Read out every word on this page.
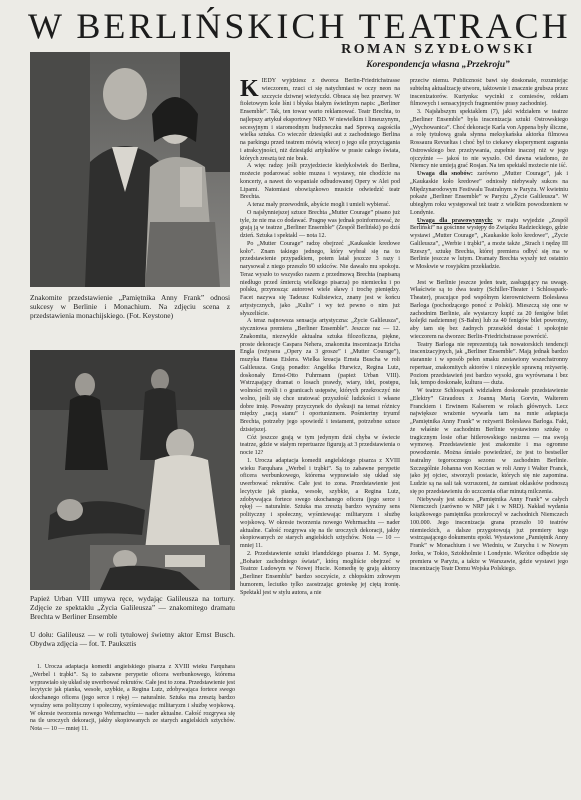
W BERLIŃSKICH TEATRACH
ROMAN SZYDŁOWSKI
Korespondencja własna „Przekroju”
Znakomite przedstawienie „Pamiętnika Anny Frank” odnosi sukcesy w Berlinie i Monachium. Na zdjęciu scena z przedstawienia monachijskiego. (Fot. Keystone)
Papież Urban VIII umywa ręce, wydając Galileusza na tortury. Zdjęcie ze spektaklu „Życia Galileusza” — znakomitego dramatu Brechta w Berliner Ensemble
U dołu: Galileusz — w roli tytułowej świetny aktor Ernst Busch. Obydwa zdjęcia — fot. T. Pauksztis

KIEDY wyjdziesz z dworca Berlin-Friedrichstrasse wieczorem, rzuci ci się natychmiast w oczy neon na szczycie dziwnej wieżyczki. Obraca się bez przerwy. W fioletowym kole lśni i błyska białym świetlnym napis: „Berliner Ensemble”. Tak, ten towar warto reklamować. Teatr Brechta, to najlepszy artykuł eksportowy NRD. W niewielkim i limeuzynym, secesyjnym i staromodnym budyneczku nad Sprewą zagościła wielka sztuka. Co wieczór dziesiątki aut z zachodniego Berlina na parkingu przed teatrem mówią wiecej o jego sile przyciągania i atrakcyjności, niż dziesiątki artykułów w prasie całego świata, których zresztą też nie brak.

A więc radzę: jeśli przyjedziecie kiedykolwiek do Berlina, możecie podarować sobie muzea i wystawy, nie chodźcie na koncerty, a nawet do wspaniale odbudowanej Opery w Alei pod Lipami. Natomiast obowiązkowo musicie odwiedzić teatr Brechta.

A teraz mały przewodnik, abyście mogli i umieli wybierać.

O najsłynniejszej sztuce Brechta „Mutter Courage” pisano już tyle, że nie ma co dodawać. Pragnę was jednak poinformować, że grają ją w teatrze „Berliner Ensemble” (Zespół Berliński) po dziś dzień. Sztuka i spektakl — nota 12.

Po „Mutter Courage” radzę obejrzeć „Kaukaskie kredowe koło”. Znam takiego jednego, który wybrał się na to przedstawienie przypadkiem, potem latał jeszcze 3 razy i narysował z niego przeszło 90 szkiców. Nie dawało mu spokoju. Teraz wyszło to wszystko razem z przedmową Brechta (napisaną niedługo przed śmiercią wielkiego pisarza) po niemiecku i po polsku, przynosząc autorowi wiele sławy i trochę pieniędzy. Facet nazywa się Tadeusz Kulisiewicz, znany jest w końcu artystycznych, jako „Kulis” i wy też pewno o nim już słyszeliście.

A teraz najnowsza sensacja artystyczna: „Życie Galileusza”, styczniowa premiera „Berliner Ensemble”. Jeszcze raz — 12. Znakomita, niezwykle aktualna sztuka filozoficzna, piękne, proste dekoracje Caspara Nehera, znakomita inscenizacja Ericha Engla (reżysera „Opery za 3 grosze” i „Mutter Courage”), muzyka Hansa Eislera. Wielka kreacja Ernsta Buscha w roli Galileusza. Grają ponadto: Angelika Hurwicz, Regina Lutz, doskonały Ernst-Otto Fuhrmann (papież Urban VIII). Wstrząsający dramat o losach prawdy, wiary, idei, postępu, wolności myśli i o granicach ustępstw, których przekroczyć nie wolno, jeśli się chce uratować przyszłość ludzkości i własne dobre imię. Poważny przyczynek do dyskusji na temat różnicy między „racją stanu” i oportunizmem. Pośmiertny tryumf Brechta, potrzeby jego spowiedź i testament, potrzebne sztuce dzisiejszej.

Cóż jeszcze grają w tym jedynym dziś chyba w świecie teatrze, gdzie w stałym repertuarze figurują aż 3 przedstawienia o nocie 12?

1. Urocza adaptacja komedii angielskiego pisarza z XVIII wieku Farquhara „Werbel i trąbki”. Są to zabawne perypetie oficera werbunkowego, którema wyprawiało się układ się uwerbować rekrutów. Całe jest to zona. Przedstawienie jest lecytycie jak pianka, wesołe, szybkie, a Regina Lutz, zdobywająca fortece swego ukochanego oficera (jego serce i rękę) — naturalnie. Sztuka ma zresztą bardzo wyraźny sens polityczny i społeczny, wyśmiewając militaryzm i służbę wojskową. W okresie tworzenia nowego Wehrmachtu — nader aktualne. Całość rozgrywa się na tle uroczych dekoracji, jakby skopiowanych ze starych angielskich sztychów. Nota — 10 — mniej 11.

2. Przedstawienie sztuki irlandzkiego pisarza J. M. Synge, „Bohater zachodniego świata”, którą mogliście obejrzeć w Teatrze Ludowym w Nowej Hucie. Komedię tę grają aktorzy „Berliner Ensemblu” bardzo soczyście, z chłopskim zdrowym humorem, leciutko tylko zaostrzając groteskę jej ciętą ironię. Spektakl jest w stylu autora, a nie

1. Urocza adaptacja komedii angielskiego pisarza z XVIII wieku Farquhara „Werbel i trąbki”. Są to zabawne perypetie oficera werbunkowego, którema wyprawiało się układ się uwerbować rekrutów. Całe jest to zona. Przedstawienie jest lecytycie jak pianka, wesołe, szybkie, a Regina Lutz, zdobywająca fortece swego ukochanego oficera (jego serce i rękę) — naturalnie. Sztuka ma zresztą bardzo wyraźny sens polityczny i społeczny, wyśmiewając militaryzm i służbę wojskową. W okresie tworzenia nowego Wehrmachtu — nader aktualne. Całość rozgrywa się na tle uroczych dekoracji, jakby skopiowanych ze starych angielskich sztychów. Nota — 10 — mniej 11.

przeciw niemu. Publiczność bawi się doskonale, rozumiejąc subtelną aktualizację utworu, taktownie i znacznie grubsza przez inscenizatorów. Kurtynka: wycinki z comiesów, reklam filmowych i sensacyjnych fragmentów prasy zachodniej.

3. Najsłabszym spektaklem (7), jaki widziałem w teatrze „Berliner Ensemble” była inscenizacja sztuki Ostrowskiego „Wychowanica”. Choć dekoracje Karla von Appena były śliczne, a rolę tytułową grała słynna meksykańska aktorka filmowa Rossaura Revueltas i choć był to ciekawy eksperyment zagrania Ostrowskiego bez przeżywania, zupełnie inaczej niż w jego ojczyźnie — jakoś to nie wyszło. Od dawna wiadomo, że Niemcy nie umieją grać Rosjan. Na ten spektakl możecie nie iść.

Uwaga dla snobów: zarówno „Mutter Courage”, jak i „Kaukaskie koło kredowe” odniosły niebywały sukces na Międzynarodowym Festiwalu Teatralnym w Paryżu. W kwietniu pokaże „Berliner Ensemble” w Paryżu „Życie Galileusza”. W ubiegłym roku występował też teatr z wielkim powodzeniem w Londynie.

Uwaga dla prawowyznych: w maju wyjedzie „Zespół Berliński” na gościnne występy do Związku Radzieckiego, gdzie wystawi „Mutter Courage”, „Kaukaskie koło kredowe”, „Życie Galileusza”, „Werbie i trąbki”, a może także „Strach i nędzę III Rzeszy”, sztukę Brechta, której premiera odbyć się ma w Berlinie jeszcze w lutym. Dramaty Brechta wyszły też ostatnio w Moskwie w rosyjskim przekładzie.

Jest w Berlinie jeszcze jeden teatr, zasługujący na uwagę. Właściwie są to dwa teatry (Schiller-Theater i Schlosspark-Theater), pracujące pod wspólnym kierownictwem Bolesława Barloga (pochodzącego ponoć z Polski). Mieszczą się one w zachodnim Berlinie, ale wystarczy kupić za 20 fenigów bilet kolejki nadziemnej (S-Bahn) lub za 40 fenigów bilet powrotny, aby tam się bez żadnych przeszkód dostać i spokojnie wieczorem na dworzec Berlin-Friedrichstrasse powrócić.

Teatry Barloga nie reprezentują tak nowatorskich tendencji inscenizacyjnych, jak „Berliner Ensemble”. Mają jednak bardzo starannie i w sposób pełen smaku zestawiony wszechstronny repertuar, znakomitych aktorów i niezwykle sprawną reżyserię. Poziom przedstawień jest bardzo wysoki, gra wyrównana i bez luk, tempo doskonałe, kultura — duża.

W teatrze Schlosspark widziałem doskonałe przedstawienie „Elektry” Giraudoux z Joanną Marią Gorvin, Walterem Franckiem i Erwinem Kalserem w rolach głównych. Lecz największe wrażenie wywarła tam na mnie adaptacja „Pamiętnika Anny Frank” w reżyserii Bolesława Barloga. Fakt, że właśnie w zachodnim Berlinie wystawiono sztukę o tragicznym losie ofiar hitlerowskiego rasizmu — ma swoją wymowę. Przedstawienie jest znakomite i ma ogromne powodzenie. Można śmiało powiedzieć, że jest to bestseller teatralny tegorocznego sezonu w zachodnim Berlinie. Szczególnie Johanna von Koczian w roli Anny i Walter Franck, jako jej ojciec, stworzyli postacie, których się nie zapomina. Ludzie są na sali tak wzruszeni, że zamiast oklasków podnoszą się po przedstawieniu do uczczenia ofiar minutą milczenia.

Niebywały jest sukces „Pamiętnika Anny Frank” w całych Niemczech (zarówno w NRF jak i w NRD). Nakład wydania książkowego pamiętnika przekroczył w zachodnich Niemczech 100.000. Jego inscenizacja grana przeszło 10 teatrów niemieckich, a dalsze przygotowują już premiery tego wstrząsającego dokumentu epoki. Wystawione „Pamiętnik Anny Frank” w Monachium i we Wiedniu, w Zurychu i w Nowym Jorku, w Tokio, Sztokholmie i Londynie. Wkrótce odbędzie się premiera w Paryżu, a także w Warszawie, gdzie wystawi jego inscenizację Teatr Domu Wojska Polskiego.
